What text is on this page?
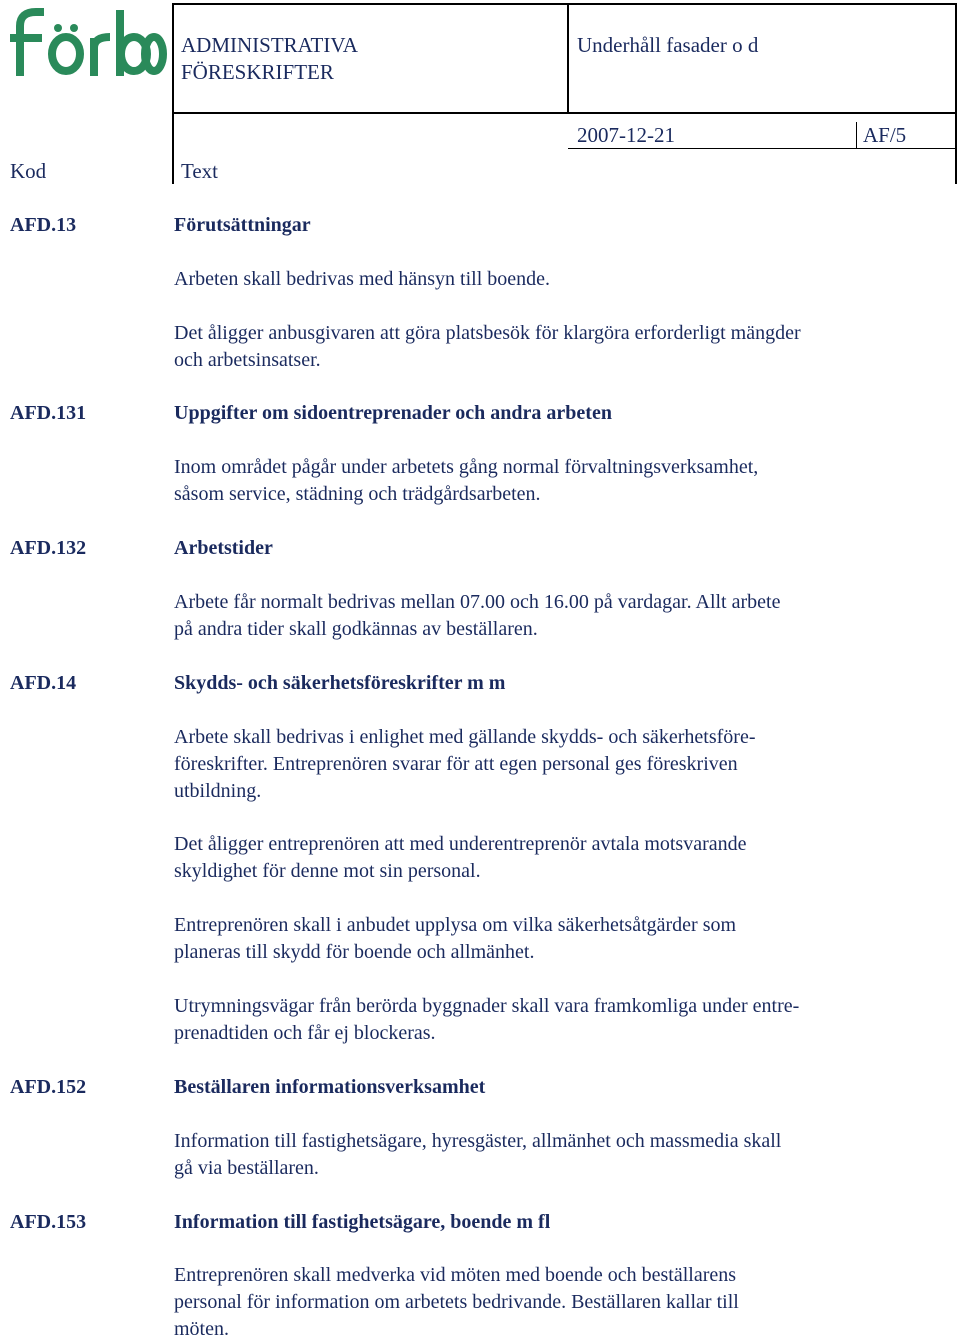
ADMINISTRATIVA
FÖRESKRIFTER
Underhåll fasader o d
2007-12-21	AF/5
Kod	Text
AFD.13	Förutsättningar
Arbeten skall bedrivas med hänsyn till boende.
Det åligger anbusgivaren att göra platsbesök för klargöra erforderligt mängder
och arbetsinsatser.
AFD.131	Uppgifter om sidoentreprenader och andra arbeten
Inom området pågår under arbetets gång normal förvaltningsverksamhet,
såsom service, städning och trädgårdsarbeten.
AFD.132	Arbetstider
Arbete får normalt bedrivas mellan 07.00 och 16.00 på vardagar. Allt arbete
på andra tider skall godkännas av beställaren.
AFD.14	Skydds- och säkerhetsföreskrifter m m
Arbete skall bedrivas i enlighet med gällande skydds- och säkerhetsföre-
föreskrifter. Entreprenören svarar för att egen personal ges föreskriven
utbildning.
Det åligger entreprenören att med underentreprenör avtala motsvarande
skyldighet för denne mot sin personal.
Entreprenören skall i anbudet upplysa om vilka säkerhetsåtgärder som
planeras till skydd för boende och allmänhet.
Utrymningsvägar från berörda byggnader skall vara framkomliga under entre-
prenadtiden och får ej blockeras.
AFD.152	Beställaren informationsverksamhet
Information till fastighetsägare, hyresgäster, allmänhet och massmedia skall
gå via beställaren.
AFD.153	Information till fastighetsägare, boende m fl
Entreprenören skall medverka vid möten med boende och beställarens
personal för information om arbetets bedrivande. Beställaren kallar till
möten.
